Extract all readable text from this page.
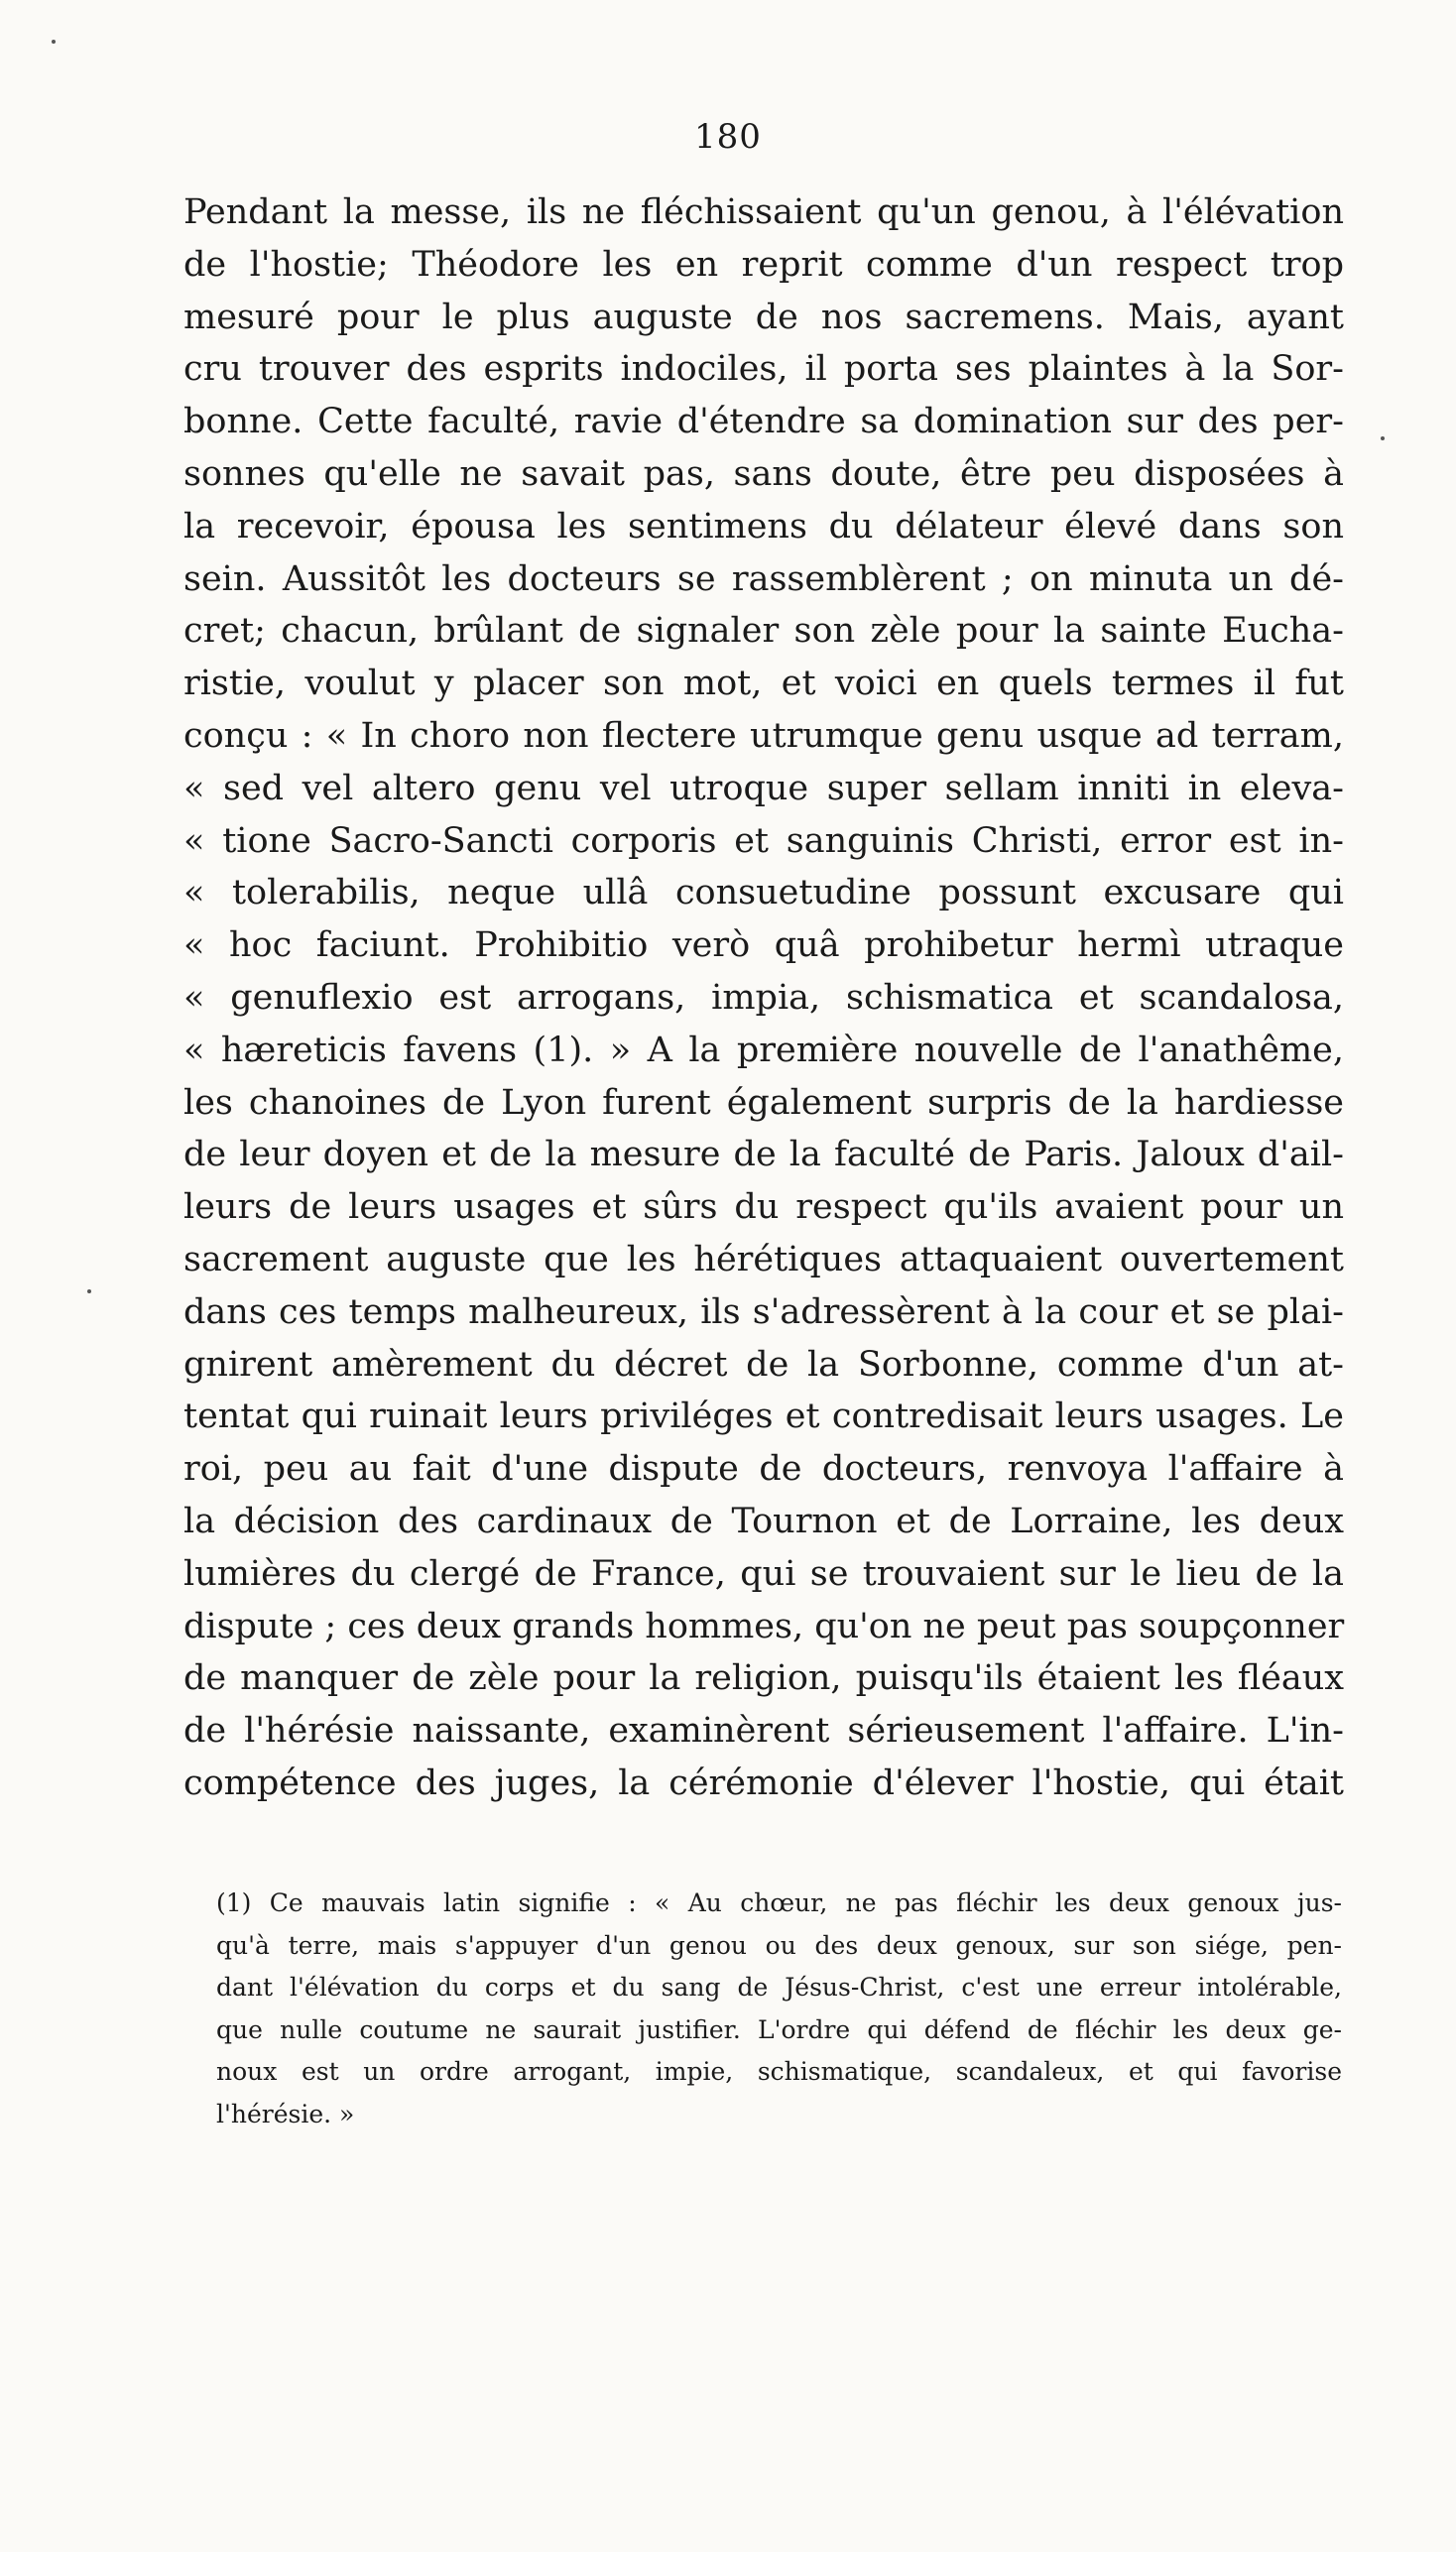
180
Pendant la messe, ils ne fléchissaient qu'un genou, à l'élévation
de l'hostie; Théodore les en reprit comme d'un respect trop
mesuré pour le plus auguste de nos sacremens. Mais, ayant
cru trouver des esprits indociles, il porta ses plaintes à la Sor-
bonne. Cette faculté, ravie d'étendre sa domination sur des per-
sonnes qu'elle ne savait pas, sans doute, être peu disposées à
la recevoir, épousa les sentimens du délateur élevé dans son
sein. Aussitôt les docteurs se rassemblèrent ; on minuta un dé-
cret; chacun, brûlant de signaler son zèle pour la sainte Eucha-
ristie, voulut y placer son mot, et voici en quels termes il fut
conçu : « In choro non flectere utrumque genu usque ad terram,
« sed vel altero genu vel utroque super sellam inniti in eleva-
« tione Sacro-Sancti corporis et sanguinis Christi, error est in-
« tolerabilis, neque ullâ consuetudine possunt excusare qui
« hoc faciunt. Prohibitio verò quâ prohibetur hermì utraque
« genuflexio est arrogans, impia, schismatica et scandalosa,
« hæreticis favens (1). » A la première nouvelle de l'anathême,
les chanoines de Lyon furent également surpris de la hardiesse
de leur doyen et de la mesure de la faculté de Paris. Jaloux d'ail-
leurs de leurs usages et sûrs du respect qu'ils avaient pour un
sacrement auguste que les hérétiques attaquaient ouvertement
dans ces temps malheureux, ils s'adressèrent à la cour et se plai-
gnirent amèrement du décret de la Sorbonne, comme d'un at-
tentat qui ruinait leurs priviléges et contredisait leurs usages. Le
roi, peu au fait d'une dispute de docteurs, renvoya l'affaire à
la décision des cardinaux de Tournon et de Lorraine, les deux
lumières du clergé de France, qui se trouvaient sur le lieu de la
dispute ; ces deux grands hommes, qu'on ne peut pas soupçonner
de manquer de zèle pour la religion, puisqu'ils étaient les fléaux
de l'hérésie naissante, examinèrent sérieusement l'affaire. L'in-
compétence des juges, la cérémonie d'élever l'hostie, qui était
(1) Ce mauvais latin signifie : « Au chœur, ne pas fléchir les deux genoux jus-
qu'à terre, mais s'appuyer d'un genou ou des deux genoux, sur son siége, pen-
dant l'élévation du corps et du sang de Jésus-Christ, c'est une erreur intolérable,
que nulle coutume ne saurait justifier. L'ordre qui défend de fléchir les deux ge-
noux est un ordre arrogant, impie, schismatique, scandaleux, et qui favorise
l'hérésie. »
